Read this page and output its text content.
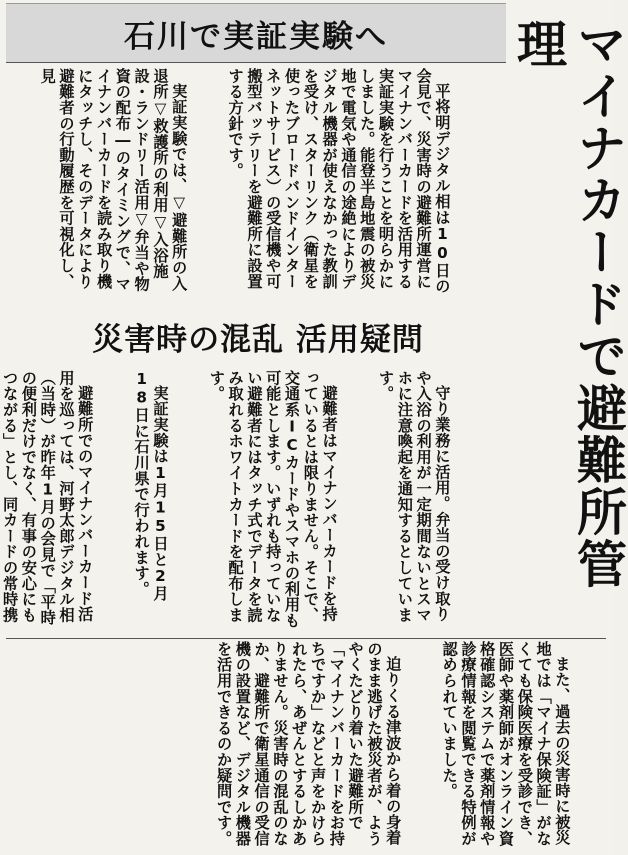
マイナカードで避難所管理
石川で実証実験へ

平将明デジタル相は10日の会見で、災害時の避難所運営にマイナンバーカードを活用する実証実験を行うことを明らかにしました。能登半島地震の被災地で電気や通信の途絶によりデジタル機器が使えなかった教訓を受け、スターリンク（衛星を使ったブロードバンドインターネットサービス）の受信機や可搬型バッテリーを避難所に設置する方針です。

実証実験では、▽避難所の入退所▽救護所の利用▽入浴施設・ランドリー活用▽弁当や物資の配布―のタイミングで、マイナンバーカードを読み取り機にタッチし、そのデータにより避難者の行動履歴を可視化し、見

災害時の混乱 活用疑問

守り業務に活用。弁当の受け取りや入浴の利用が一定期間ないとスマホに注意喚起を通知するとしています。

避難者はマイナンバーカードを持っているとは限りません。そこで、交通系ICカードやスマホの利用も可能とします。いずれも持っていない避難者にはタッチ式でデータを読み取れるホワイトカードを配布します。

実証実験は1月15日と2月18日に石川県で行われます。

避難所でのマイナンバーカード活用を巡っては、河野太郎デジタル相（当時）が昨年1月の会見で「平時の便利だけでなく、有事の安心にもつながる」とし、同カードの常時携

また、過去の災害時に被災地では「マイナ保険証」がなくても保険医療を受診でき、医師や薬剤師がオンライン資格確認システムで薬剤情報や診療情報を閲覧できる特例が認められていました。

迫りくる津波から着の身着のまま逃げた被災者が、ようやくたどり着いた避難所で「マイナンバーカードをお持ちですか」などと声をかけられたら、あぜんとするしかありません。災害時の混乱のなか、避難所で衛星通信の受信機の設置など、デジタル機器を活用できるのか疑問です。
